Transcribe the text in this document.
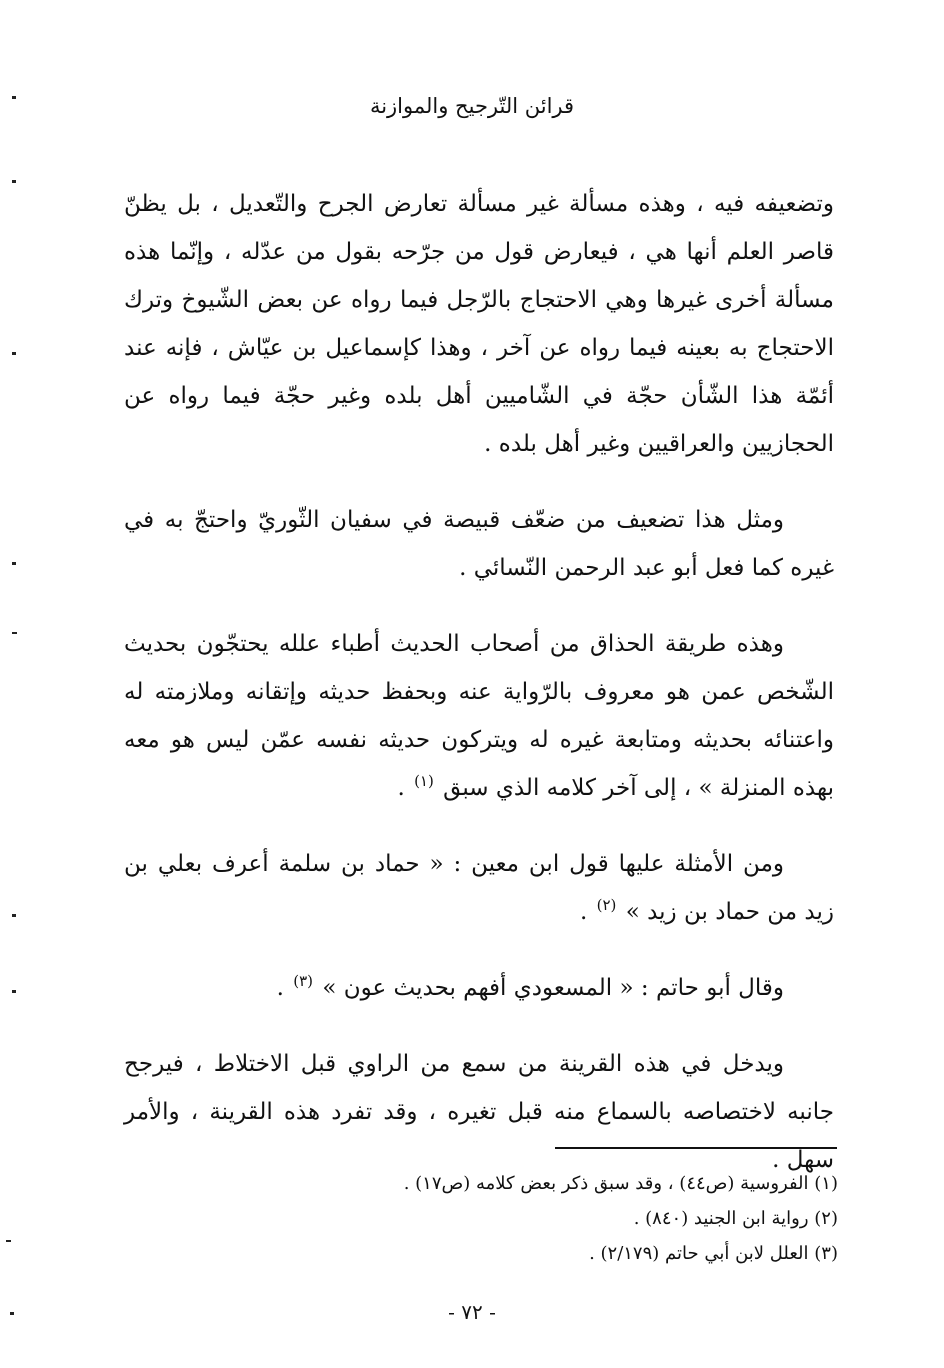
قرائن التّرجيح والموازنة

وتضعيفه فيه ، وهذه مسألة غير مسألة تعارض الجرح والتّعديل ، بل يظنّ قاصر العلم أنها هي ، فيعارض قول من جرّحه بقول من عدّله ، وإنّما هذه مسألة أخرى غيرها وهي الاحتجاج بالرّجل فيما رواه عن بعض الشّيوخ وترك الاحتجاج به بعينه فيما رواه عن آخر ، وهذا كإسماعيل بن عيّاش ، فإنه عند أئمّة هذا الشّأن حجّة في الشّاميين أهل بلده وغير حجّة فيما رواه عن الحجازيين والعراقيين وغير أهل بلده .

ومثل هذا تضعيف من ضعّف قبيصة في سفيان الثّوريّ واحتجّ به في غيره كما فعل أبو عبد الرحمن النّسائي .

وهذه طريقة الحذاق من أصحاب الحديث أطباء علله يحتجّون بحديث الشّخص عمن هو معروف بالرّواية عنه وبحفظ حديثه وإتقانه وملازمته له واعتنائه بحديثه ومتابعة غيره له ويتركون حديثه نفسه عمّن ليس هو معه بهذه المنزلة » ، إلى آخر كلامه الذي سبق $^{(١)}$ .

ومن الأمثلة عليها قول ابن معين : « حماد بن سلمة أعرف بعلي بن زيد من حماد بن زيد » $^{(٢)}$ .

وقال أبو حاتم : « المسعودي أفهم بحديث عون » $^{(٣)}$ .

ويدخل في هذه القرينة من سمع من الراوي قبل الاختلاط ، فيرجح جانبه لاختصاصه بالسماع منه قبل تغيره ، وقد تفرد هذه القرينة ، والأمر سهل .

(١) الفروسية (ص٤٤) ، وقد سبق ذكر بعض كلامه (ص١٧) .
(٢) رواية ابن الجنيد (٨٤٠) .
(٣) العلل لابن أبي حاتم (٢/١٧٩) .
- ٧٢ -
